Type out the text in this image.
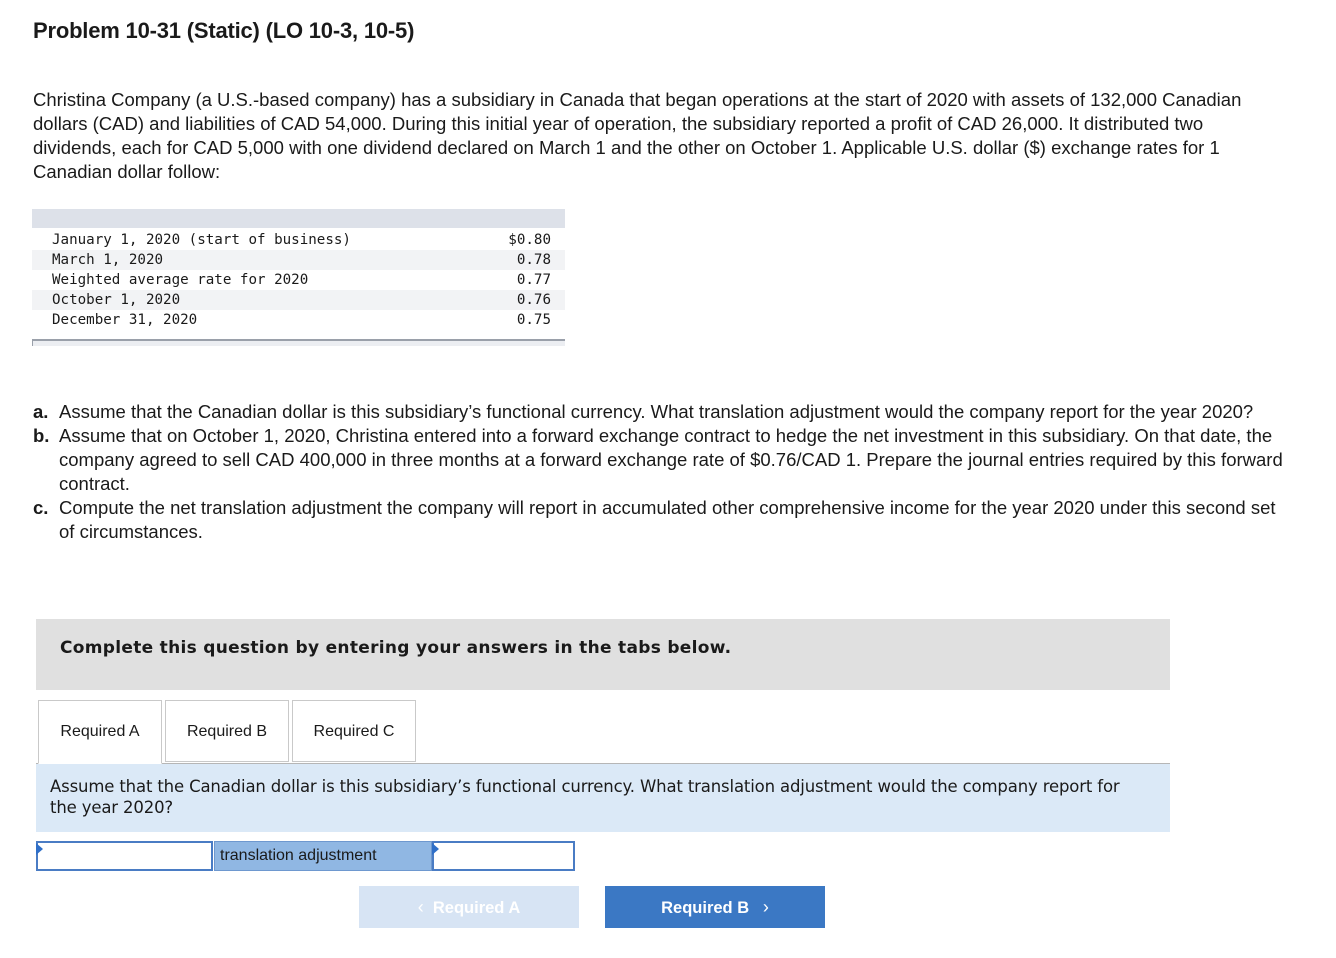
Problem 10-31 (Static) (LO 10-3, 10-5)
Christina Company (a U.S.-based company) has a subsidiary in Canada that began operations at the start of 2020 with assets of 132,000 Canadian dollars (CAD) and liabilities of CAD 54,000. During this initial year of operation, the subsidiary reported a profit of CAD 26,000. It distributed two dividends, each for CAD 5,000 with one dividend declared on March 1 and the other on October 1. Applicable U.S. dollar ($) exchange rates for 1 Canadian dollar follow:
January 1, 2020 (start of business)	$0.80
March 1, 2020	0.78
Weighted average rate for 2020	0.77
October 1, 2020	0.76
December 31, 2020	0.75
a. Assume that the Canadian dollar is this subsidiary’s functional currency. What translation adjustment would the company report for the year 2020?
b. Assume that on October 1, 2020, Christina entered into a forward exchange contract to hedge the net investment in this subsidiary. On that date, the company agreed to sell CAD 400,000 in three months at a forward exchange rate of $0.76/CAD 1. Prepare the journal entries required by this forward contract.
c. Compute the net translation adjustment the company will report in accumulated other comprehensive income for the year 2020 under this second set of circumstances.
Complete this question by entering your answers in the tabs below.
Required A	Required B	Required C
Assume that the Canadian dollar is this subsidiary’s functional currency. What translation adjustment would the company report for the year 2020?
translation adjustment
‹ Required A	Required B ›
